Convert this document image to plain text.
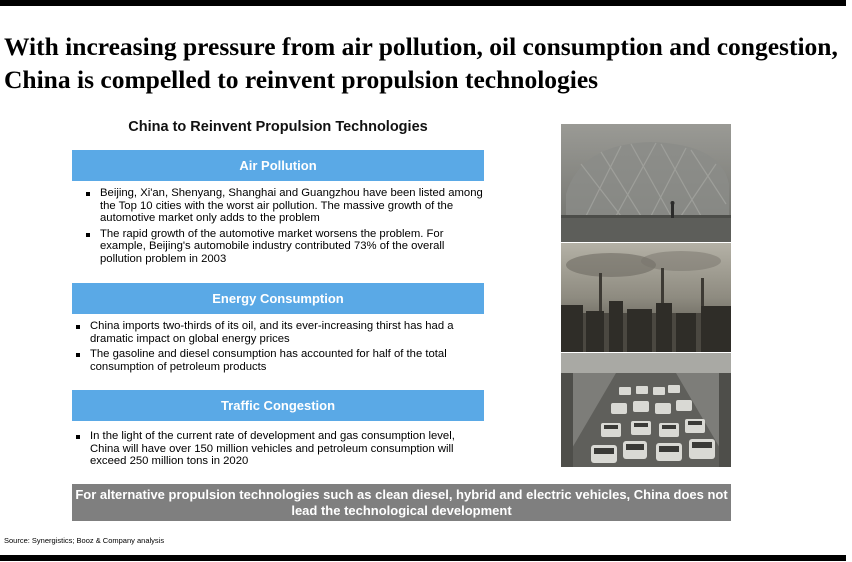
With increasing pressure from air pollution, oil consumption and congestion, China is compelled to reinvent propulsion technologies
China to Reinvent Propulsion Technologies
Air Pollution
Beijing, Xi'an, Shenyang, Shanghai and Guangzhou have been listed among the Top 10 cities with the worst air pollution. The massive growth of the automotive market only adds to the problem
The rapid growth of the automotive market worsens the problem. For example, Beijing's automobile industry contributed 73% of the overall pollution problem in 2003
Energy Consumption
China imports two-thirds of its oil, and its ever-increasing thirst has had a dramatic impact on global energy prices
The gasoline and diesel consumption has accounted for half of the total consumption of petroleum products
Traffic Congestion
In the light of the current rate of development and gas consumption level, China will have over 150 million vehicles and petroleum consumption will exceed 250 million tons in 2020
For alternative propulsion technologies such as clean diesel, hybrid and electric vehicles, China does not lead the technological development
Source: Synergistics; Booz & Company analysis
